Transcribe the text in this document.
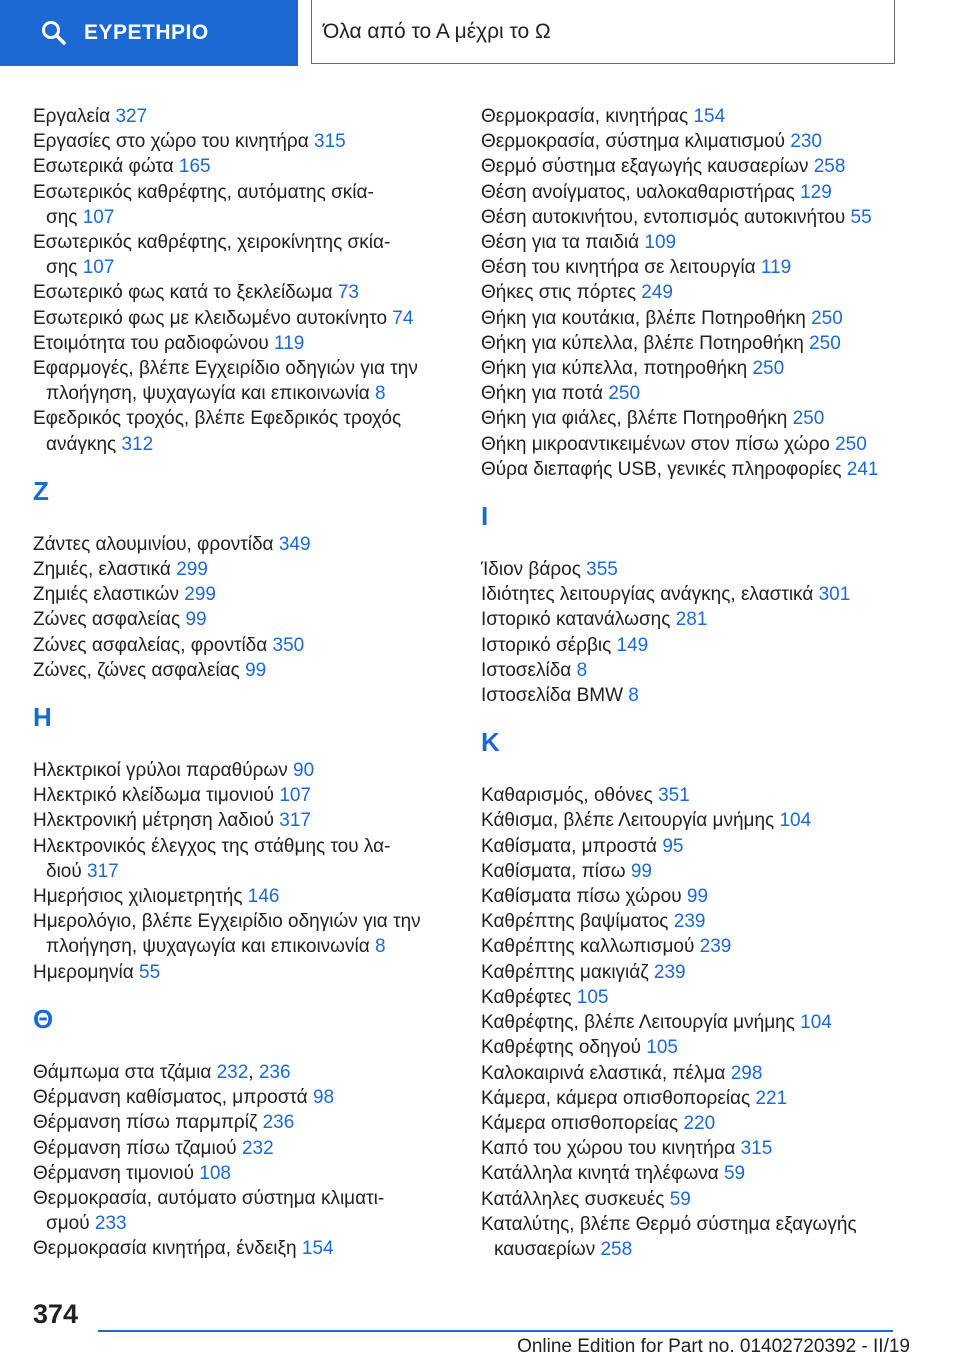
ΕΥΡΕΤΗΡΙΟ	Όλα από το Α μέχρι το Ω
Εργαλεία 327
Εργασίες στο χώρο του κινητήρα 315
Εσωτερικά φώτα 165
Εσωτερικός καθρέφτης, αυτόματης σκία-
σης 107
Εσωτερικός καθρέφτης, χειροκίνητης σκία-
σης 107
Εσωτερικό φως κατά το ξεκλείδωμα 73
Εσωτερικό φως με κλειδωμένο αυτοκίνητο 74
Ετοιμότητα του ραδιοφώνου 119
Εφαρμογές, βλέπε Εγχειρίδιο οδηγιών για την
πλοήγηση, ψυχαγωγία και επικοινωνία 8
Εφεδρικός τροχός, βλέπε Εφεδρικός τροχός
ανάγκης 312
Ζ
Ζάντες αλουμινίου, φροντίδα 349
Ζημιές, ελαστικά 299
Ζημιές ελαστικών 299
Ζώνες ασφαλείας 99
Ζώνες ασφαλείας, φροντίδα 350
Ζώνες, ζώνες ασφαλείας 99
Η
Ηλεκτρικοί γρύλοι παραθύρων 90
Ηλεκτρικό κλείδωμα τιμονιού 107
Ηλεκτρονική μέτρηση λαδιού 317
Ηλεκτρονικός έλεγχος της στάθμης του λα-
διού 317
Ημερήσιος χιλιομετρητής 146
Ημερολόγιο, βλέπε Εγχειρίδιο οδηγιών για την
πλοήγηση, ψυχαγωγία και επικοινωνία 8
Ημερομηνία 55
Θ
Θάμπωμα στα τζάμια 232, 236
Θέρμανση καθίσματος, μπροστά 98
Θέρμανση πίσω παρμπρίζ 236
Θέρμανση πίσω τζαμιού 232
Θέρμανση τιμονιού 108
Θερμοκρασία, αυτόματο σύστημα κλιματι-
σμού 233
Θερμοκρασία κινητήρα, ένδειξη 154
Θερμοκρασία, κινητήρας 154
Θερμοκρασία, σύστημα κλιματισμού 230
Θερμό σύστημα εξαγωγής καυσαερίων 258
Θέση ανοίγματος, υαλοκαθαριστήρας 129
Θέση αυτοκινήτου, εντοπισμός αυτοκινήτου 55
Θέση για τα παιδιά 109
Θέση του κινητήρα σε λειτουργία 119
Θήκες στις πόρτες 249
Θήκη για κουτάκια, βλέπε Ποτηροθήκη 250
Θήκη για κύπελλα, βλέπε Ποτηροθήκη 250
Θήκη για κύπελλα, ποτηροθήκη 250
Θήκη για ποτά 250
Θήκη για φιάλες, βλέπε Ποτηροθήκη 250
Θήκη μικροαντικειμένων στον πίσω χώρο 250
Θύρα διεπαφής USB, γενικές πληροφορίες 241
Ι
Ίδιον βάρος 355
Ιδιότητες λειτουργίας ανάγκης, ελαστικά 301
Ιστορικό κατανάλωσης 281
Ιστορικό σέρβις 149
Ιστοσελίδα 8
Ιστοσελίδα BMW 8
Κ
Καθαρισμός, οθόνες 351
Κάθισμα, βλέπε Λειτουργία μνήμης 104
Καθίσματα, μπροστά 95
Καθίσματα, πίσω 99
Καθίσματα πίσω χώρου 99
Καθρέπτης βαψίματος 239
Καθρέπτης καλλωπισμού 239
Καθρέπτης μακιγιάζ 239
Καθρέφτες 105
Καθρέφτης, βλέπε Λειτουργία μνήμης 104
Καθρέφτης οδηγού 105
Καλοκαιρινά ελαστικά, πέλμα 298
Κάμερα, κάμερα οπισθοπορείας 221
Κάμερα οπισθοπορείας 220
Καπό του χώρου του κινητήρα 315
Κατάλληλα κινητά τηλέφωνα 59
Κατάλληλες συσκευές 59
Καταλύτης, βλέπε Θερμό σύστημα εξαγωγής
καυσαερίων 258
374
Online Edition for Part no. 01402720392 - II/19
